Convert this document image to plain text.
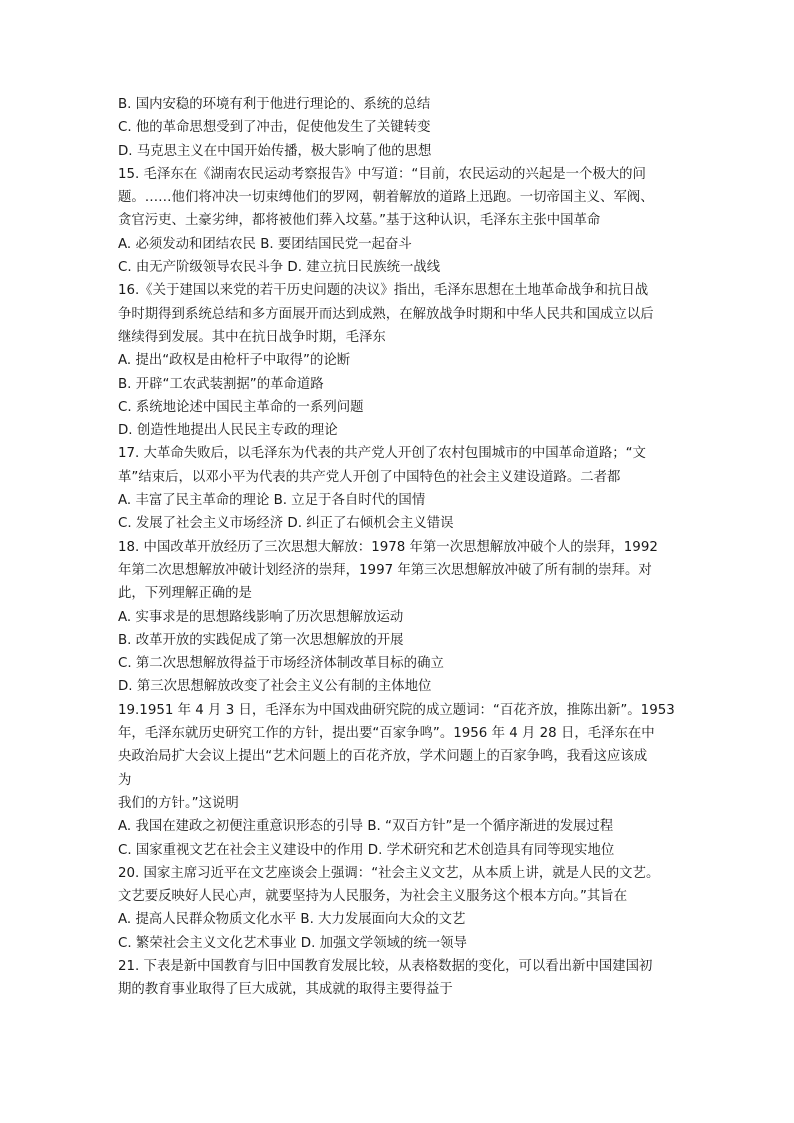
B. 国内安稳的环境有利于他进行理论的、系统的总结
C. 他的革命思想受到了冲击，促使他发生了关键转变
D. 马克思主义在中国开始传播，极大影响了他的思想
15. 毛泽东在《湖南农民运动考察报告》中写道：“目前，农民运动的兴起是一个极大的问
题。……他们将冲决一切束缚他们的罗网，朝着解放的道路上迅跑。一切帝国主义、军阀、
贪官污吏、土豪劣绅，都将被他们葬入坟墓。”基于这种认识，毛泽东主张中国革命
A. 必须发动和团结农民 B. 要团结国民党一起奋斗
C. 由无产阶级领导农民斗争 D. 建立抗日民族统一战线
16.《关于建国以来党的若干历史问题的决议》指出，毛泽东思想在土地革命战争和抗日战
争时期得到系统总结和多方面展开而达到成熟，在解放战争时期和中华人民共和国成立以后
继续得到发展。其中在抗日战争时期，毛泽东
A. 提出“政权是由枪杆子中取得”的论断
B. 开辟“工农武装割据”的革命道路
C. 系统地论述中国民主革命的一系列问题
D. 创造性地提出人民民主专政的理论
17. 大革命失败后，以毛泽东为代表的共产党人开创了农村包围城市的中国革命道路；“文
革”结束后，以邓小平为代表的共产党人开创了中国特色的社会主义建设道路。二者都
A. 丰富了民主革命的理论 B. 立足于各自时代的国情
C. 发展了社会主义市场经济 D. 纠正了右倾机会主义错误
18. 中国改革开放经历了三次思想大解放：1978 年第一次思想解放冲破个人的崇拜，1992
年第二次思想解放冲破计划经济的崇拜，1997 年第三次思想解放冲破了所有制的崇拜。对
此，下列理解正确的是
A. 实事求是的思想路线影响了历次思想解放运动
B. 改革开放的实践促成了第一次思想解放的开展
C. 第二次思想解放得益于市场经济体制改革目标的确立
D. 第三次思想解放改变了社会主义公有制的主体地位
19.1951 年 4 月 3 日，毛泽东为中国戏曲研究院的成立题词：“百花齐放，推陈出新”。1953
年，毛泽东就历史研究工作的方针，提出要“百家争鸣”。1956 年 4 月 28 日，毛泽东在中
央政治局扩大会议上提出“艺术问题上的百花齐放，学术问题上的百家争鸣，我看这应该成
为
我们的方针。”这说明
A. 我国在建政之初便注重意识形态的引导 B. “双百方针”是一个循序渐进的发展过程
C. 国家重视文艺在社会主义建设中的作用 D. 学术研究和艺术创造具有同等现实地位
20. 国家主席习近平在文艺座谈会上强调：“社会主义文艺，从本质上讲，就是人民的文艺。
文艺要反映好人民心声，就要坚持为人民服务，为社会主义服务这个根本方向。”其旨在
A. 提高人民群众物质文化水平 B. 大力发展面向大众的文艺
C. 繁荣社会主义文化艺术事业 D. 加强文学领域的统一领导
21. 下表是新中国教育与旧中国教育发展比较，从表格数据的变化，可以看出新中国建国初
期的教育事业取得了巨大成就，其成就的取得主要得益于
